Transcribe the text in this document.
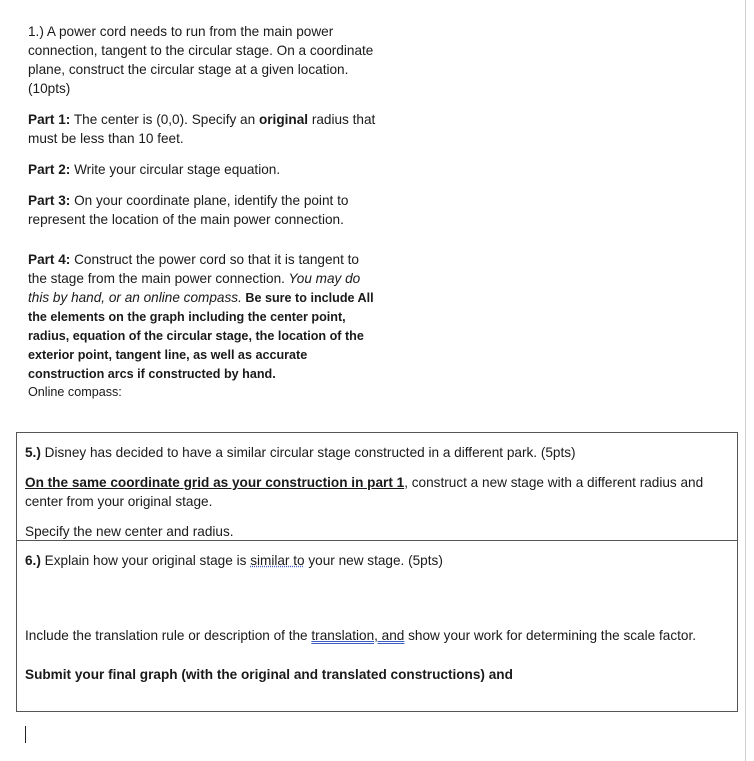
1.) A power cord needs to run from the main power connection, tangent to the circular stage. On a coordinate plane, construct the circular stage at a given location. (10pts)

Part 1: The center is (0,0). Specify an original radius that must be less than 10 feet.

Part 2: Write your circular stage equation.

Part 3: On your coordinate plane, identify the point to represent the location of the main power connection.

Part 4: Construct the power cord so that it is tangent to the stage from the main power connection. You may do this by hand, or an online compass. Be sure to include All the elements on the graph including the center point, radius, equation of the circular stage, the location of the exterior point, tangent line, as well as accurate construction arcs if constructed by hand.

Online compass:

5.) Disney has decided to have a similar circular stage constructed in a different park. (5pts)

On the same coordinate grid as your construction in part 1, construct a new stage with a different radius and center from your original stage.

Specify the new center and radius.

6.) Explain how your original stage is similar to your new stage. (5pts)

Include the translation rule or description of the translation, and show your work for determining the scale factor.

Submit your final graph (with the original and translated constructions) and
